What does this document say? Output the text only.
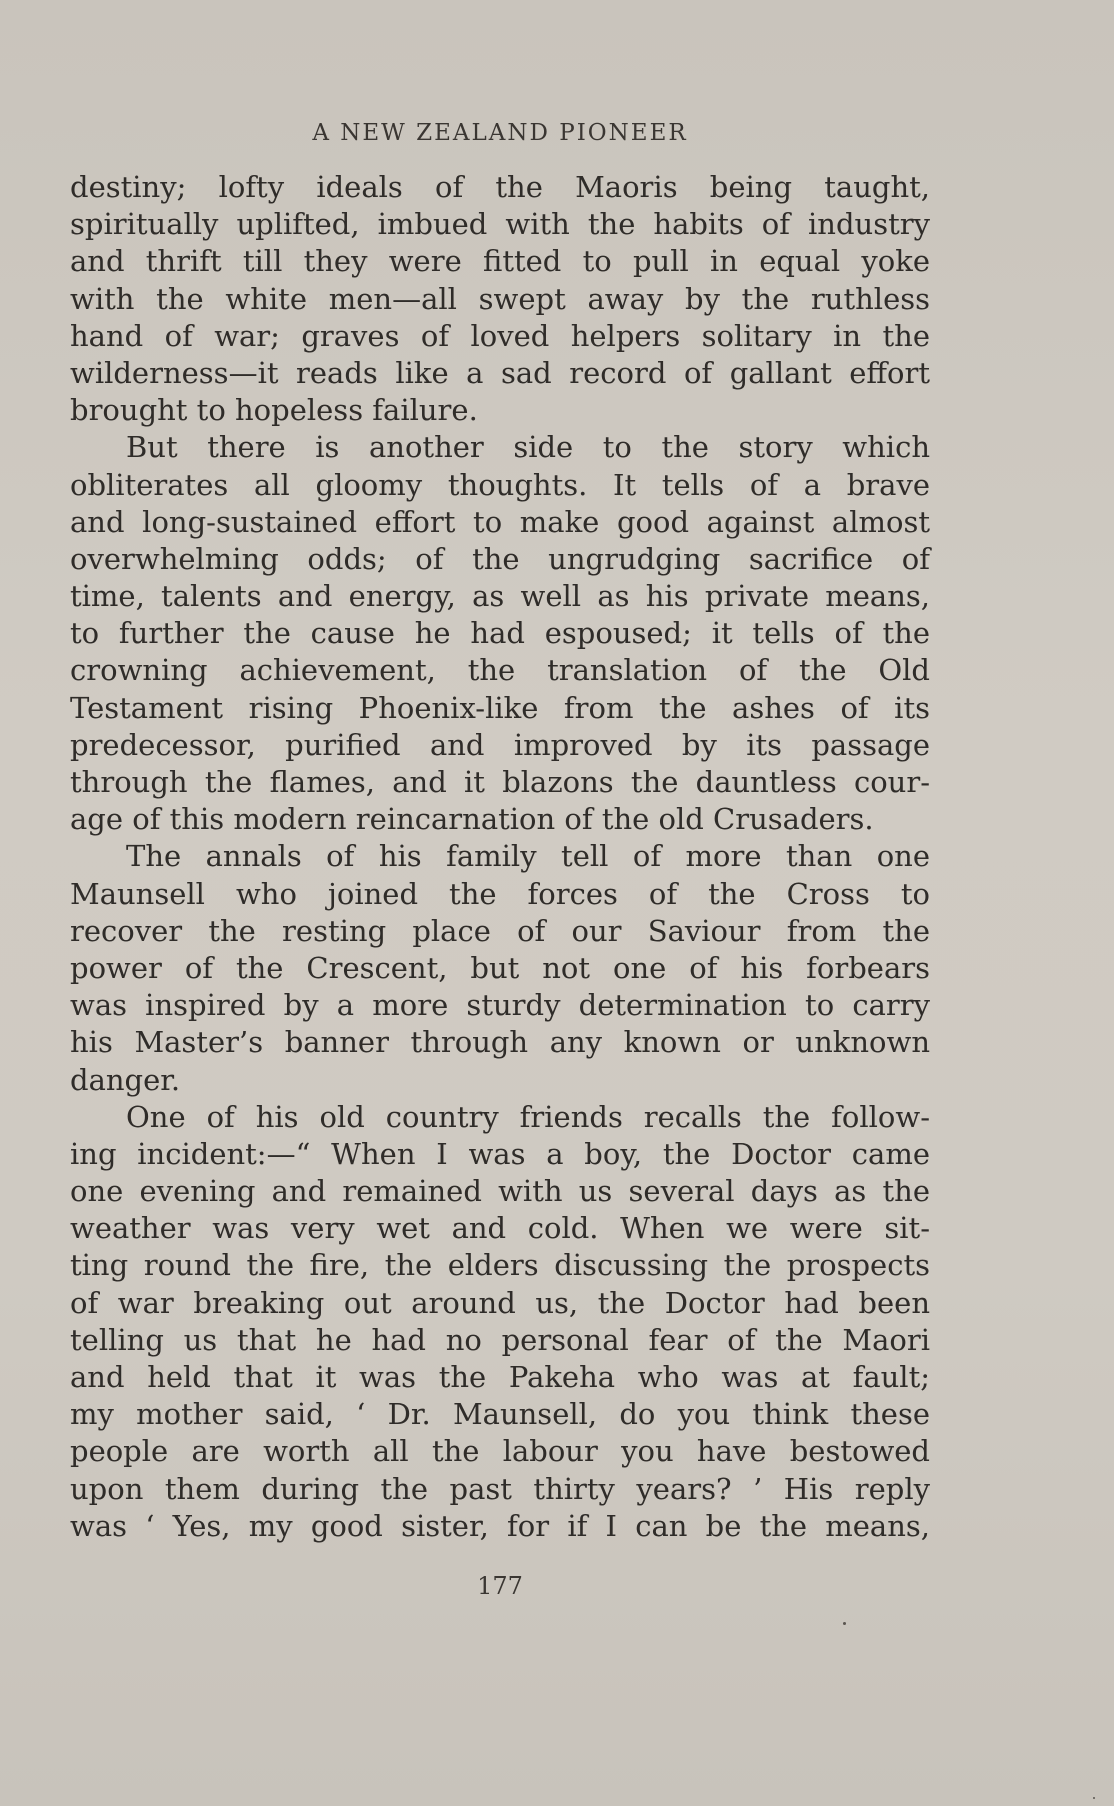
A NEW ZEALAND PIONEER
destiny; lofty ideals of the Maoris being taught,
spiritually uplifted, imbued with the habits of industry
and thrift till they were fitted to pull in equal yoke
with the white men—all swept away by the ruthless
hand of war; graves of loved helpers solitary in the
wilderness—it reads like a sad record of gallant effort
brought to hopeless failure.
But there is another side to the story which
obliterates all gloomy thoughts. It tells of a brave
and long-sustained effort to make good against almost
overwhelming odds; of the ungrudging sacrifice of
time, talents and energy, as well as his private means,
to further the cause he had espoused; it tells of the
crowning achievement, the translation of the Old
Testament rising Phoenix-like from the ashes of its
predecessor, purified and improved by its passage
through the flames, and it blazons the dauntless cour-
age of this modern reincarnation of the old Crusaders.
The annals of his family tell of more than one
Maunsell who joined the forces of the Cross to
recover the resting place of our Saviour from the
power of the Crescent, but not one of his forbears
was inspired by a more sturdy determination to carry
his Master’s banner through any known or unknown
danger.
One of his old country friends recalls the follow-
ing incident:—“ When I was a boy, the Doctor came
one evening and remained with us several days as the
weather was very wet and cold. When we were sit-
ting round the fire, the elders discussing the prospects
of war breaking out around us, the Doctor had been
telling us that he had no personal fear of the Maori
and held that it was the Pakeha who was at fault;
my mother said, ‘ Dr. Maunsell, do you think these
people are worth all the labour you have bestowed
upon them during the past thirty years? ’ His reply
was ‘ Yes, my good sister, for if I can be the means,
177
